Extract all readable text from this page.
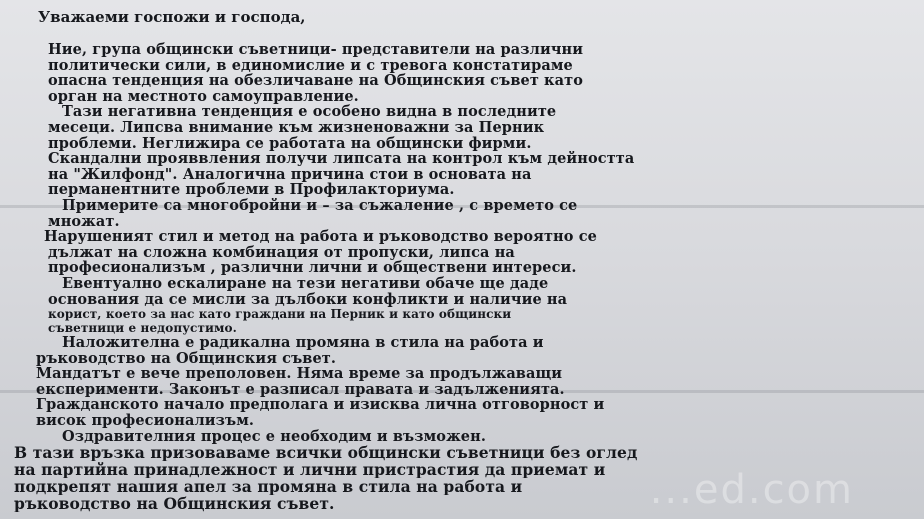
Уважаеми госпожи и господа,
Ние, група общински съветници- представители на различни
политически сили, в единомислие и с тревога констатираме
опасна тенденция на обезличаване на Общинския съвет като
орган на местното самоуправление.
Тази негативна тенденция е особено видна в последните
месеци. Липсва внимание към жизненоважни за Перник
проблеми. Неглижира се работата на общински фирми.
Скандални прояввления получи липсата на контрол към дейността
на "Жилфонд". Аналогична причина стои в основата на
перманентните проблеми в Профилакториума.
Примерите са многобройни и – за съжаление , с времето се
множат.
Нарушеният стил и метод на работа и ръководство вероятно се
дължат на сложна комбинация от пропуски, липса на
професионализъм , различни лични и обществени интереси.
Евентуално ескалиране на тези негативи обаче ще даде
основания да се мисли за дълбоки конфликти и наличие на
корист, което за нас като граждани на Перник и като общински
съветници е недопустимо.
Наложителна е радикална промяна в стила на работа и
ръководство на Общинския съвет.
Мандатът е вече преполовен. Няма време за продължаващи
експерименти. Законът е разписал правата и задълженията.
Гражданското начало предполага и изисква лична отговорност и
висок професионализъм.
Оздравителния процес е необходим и възможен.
В тази връзка призоваваме всички общински съветници без оглед
на партийна принадлежност и лични пристрастия да приемат и
подкрепят нашия апел за промяна в стила на работа и
ръководство на Общинския съвет.	...ed.com
